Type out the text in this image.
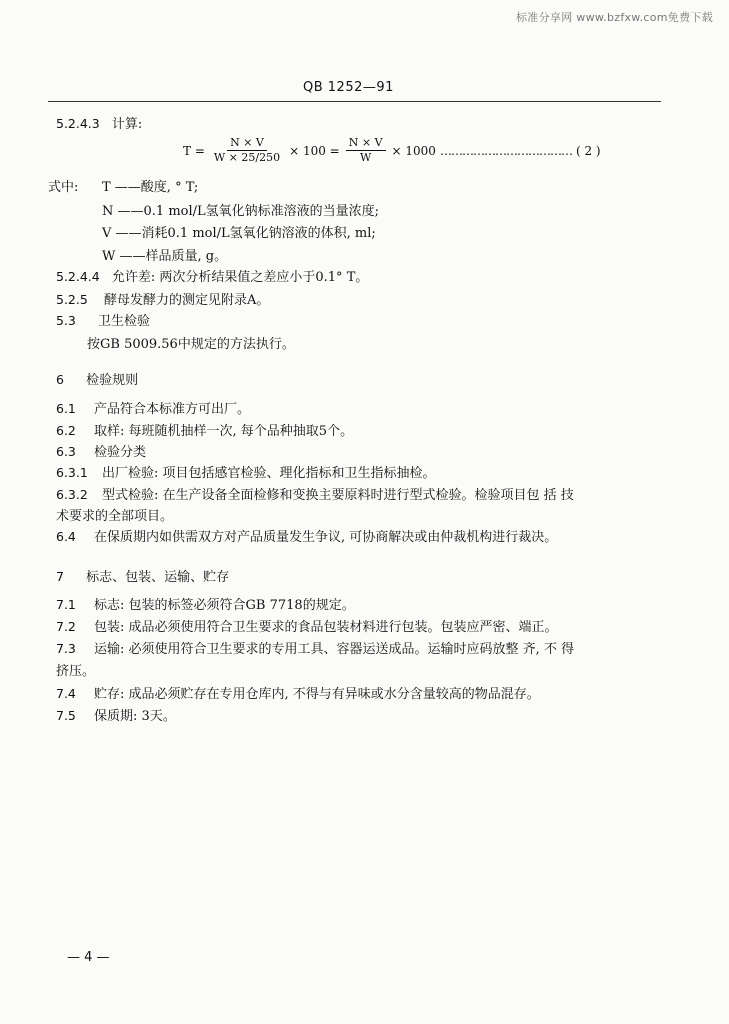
标准分享网 www.bzfxw.com免费下载
QB 1252—91
5.2.4.3 计算:
$T = \frac{N \times V}{W \times 25/250} \times 100 = \frac{N \times V}{W} \times 1000$ ……………………………… ( 2 )
式中: T ——酸度, ° T;
N ——0.1 mol/L氢氧化钠标准溶液的当量浓度;
V ——消耗0.1 mol/L氢氧化钠溶液的体积, ml;
W ——样品质量, g。
5.2.4.4 允许差: 两次分析结果值之差应小于0.1° T。
5.2.5 酵母发酵力的测定见附录A。
5.3 卫生检验
按GB 5009.56中规定的方法执行。
6 检验规则
6.1 产品符合本标准方可出厂。
6.2 取样: 每班随机抽样一次, 每个品种抽取5个。
6.3 检验分类
6.3.1 出厂检验: 项目包括感官检验、理化指标和卫生指标抽检。
6.3.2 型式检验: 在生产设备全面检修和变换主要原料时进行型式检验。检验项目包 括 技
术要求的全部项目。
6.4 在保质期内如供需双方对产品质量发生争议, 可协商解决或由仲裁机构进行裁决。
7 标志、包装、运输、贮存
7.1 标志: 包装的标签必须符合GB 7718的规定。
7.2 包装: 成品必须使用符合卫生要求的食品包装材料进行包装。包装应严密、端正。
7.3 运输: 必须使用符合卫生要求的专用工具、容器运送成品。运输时应码放整 齐, 不 得
挤压。
7.4 贮存: 成品必须贮存在专用仓库内, 不得与有异味或水分含量较高的物品混存。
7.5 保质期: 3天。
— 4 —
